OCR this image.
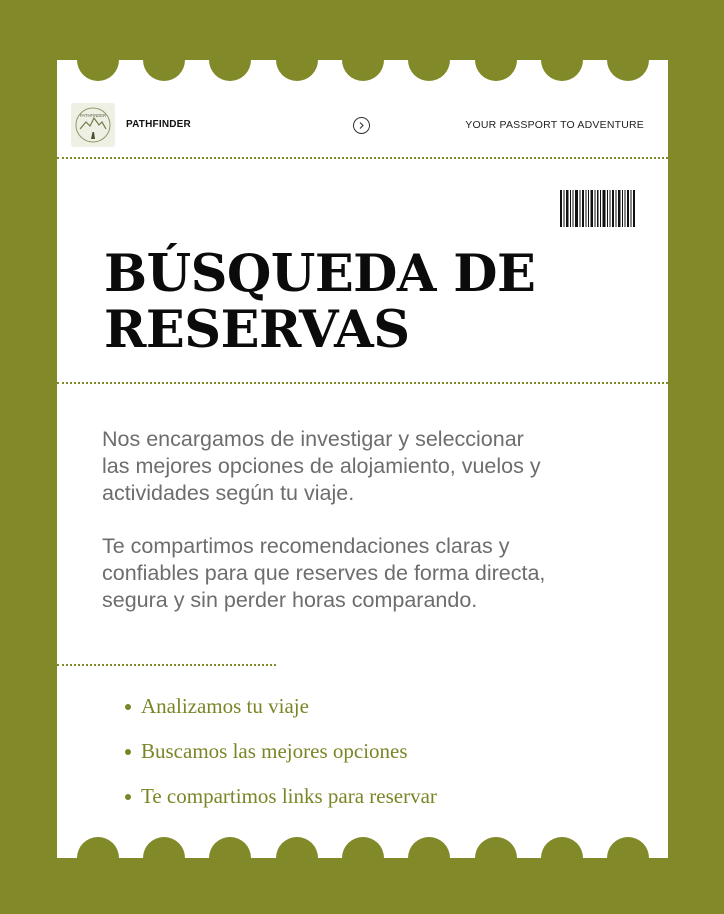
PATHFINDER
PATHFINDER	YOUR PASSPORT TO ADVENTURE
BÚSQUEDA DE
RESERVAS

Nos encargamos de investigar y seleccionar
las mejores opciones de alojamiento, vuelos y
actividades según tu viaje.

Te compartimos recomendaciones claras y
confiables para que reserves de forma directa,
segura y sin perder horas comparando.

Analizamos tu viaje
Buscamos las mejores opciones
Te compartimos links para reservar
